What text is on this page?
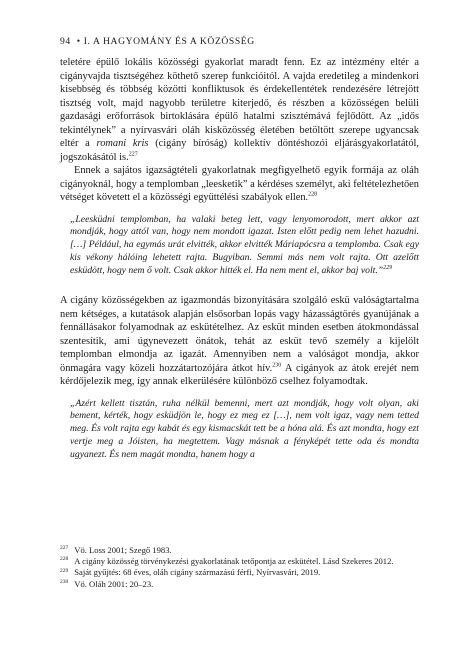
94 • I. A HAGYOMÁNY ÉS A KÖZÖSSÉG

teletére épülő lokális közösségi gyakorlat maradt fenn. Ez az intézmény eltér a cigányvajda tisztségéhez köthető szerep funkcióitól. A vajda eredetileg a mindenkori kisebbség és többség közötti konfliktusok és érdekellentétek rendezésére létrejött tisztség volt, majd nagyobb területre kiterjedő, és részben a közösségen belüli gazdasági erőforrások birtoklására épülő hatalmi szisztémává fejlődött. Az „idős tekintélynek” a nyírvasvári oláh kisközösség életében betöltött szerepe ugyancsak eltér a romani kris (cigány bíróság) kollektív döntéshozói eljárásgyakorlatától, jogszokásától is.$^{227}$

Ennek a sajátos igazságtételi gyakorlatnak megfigyelhető egyik formája az oláh cigányoknál, hogy a templomban „leesketik” a kérdéses személyt, aki feltételezhetően vétséget követett el a közösségi együttélési szabályok ellen.$^{228}$

„Leesküdni templomban, ha valaki beteg lett, vagy lenyomorodott, mert akkor azt mondják, hogy attól van, hogy nem mondott igazat. Isten előtt pedig nem lehet hazudni.[…] Például, ha egymás urát elvitték, akkor elvitték Máriapócsra a templomba. Csak egy kis vékony hálóing lehetett rajta. Bugyiban. Semmi más nem volt rajta. Ott azelőtt esküdött, hogy nem ő volt. Csak akkor hitték el. Ha nem ment el, akkor baj volt.”$^{229}$

A cigány közösségekben az igazmondás bizonyítására szolgáló eskü valóságtartalma nem kétséges, a kutatások alapján elsősorban lopás vagy házasságtörés gyanújának a fennállásakor folyamodnak az eskütételhez. Az esküt minden esetben átokmondással szentesítik, ami úgynevezett önátok, tehát az esküt tevő személy a kijelölt templomban elmondja az igazát. Amennyiben nem a valóságot mondja, akkor önmagára vagy közeli hozzátartozójára átkot hív.$^{230}$ A cigányok az átok erejét nem kérdőjelezik meg, így annak elkerülésére különböző cselhez folyamodtak.

„Azért kellett tisztán, ruha nélkül bemenni, mert azt mondják, hogy volt olyan, aki bement, kérték, hogy esküdjön le, hogy ez meg ez […], nem volt igaz, vagy nem tetted meg. És volt rajta egy kabát és egy kismacskát tett be a hóna alá. És azt mondta, hogy ezt vertje meg a Jóisten, ha megtettem. Vagy másnak a fényképét tette oda és mondta ugyanezt. És nem magát mondta, hanem hogy a

$^{227}$ Vö. Loss 2001; Szegő 1983.
$^{228}$ A cigány közösség törvénykezési gyakorlatának tetőpontja az eskütétel. Lásd Szekeres 2012.
$^{229}$ Saját gyűjtés: 68 éves, oláh cigány származású férfi, Nyírvasvári, 2019.
$^{230}$ Vö. Oláh 2001: 20–23.
